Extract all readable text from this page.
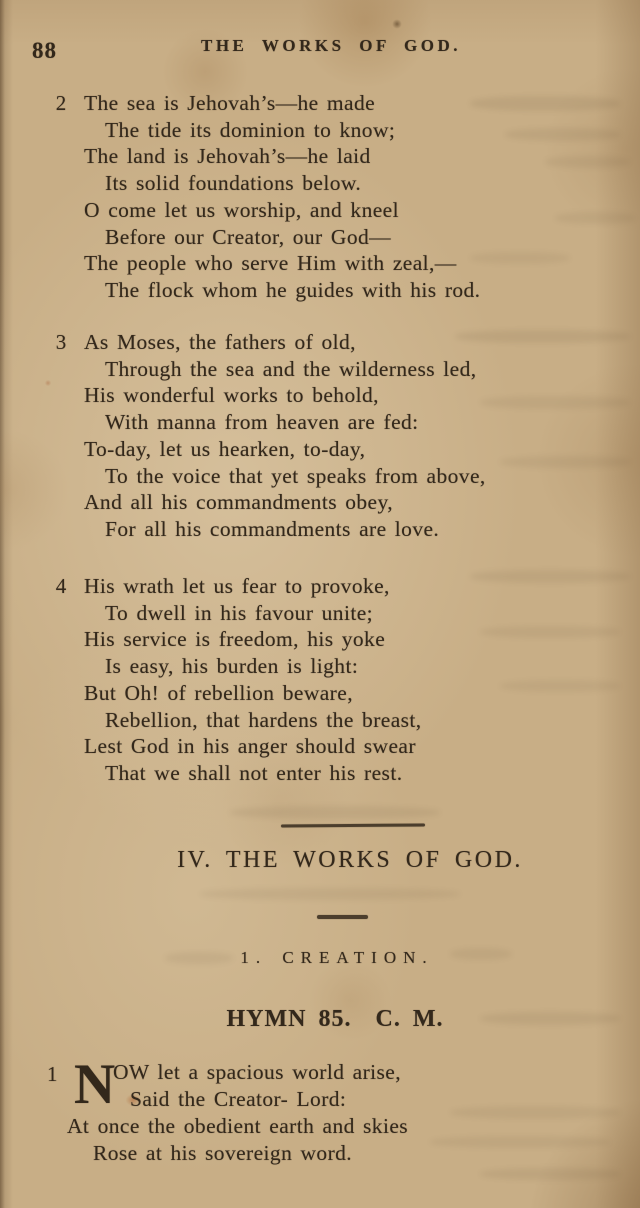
88	THE WORKS OF GOD.
2 The sea is Jehovah’s—he made
The tide its dominion to know;
The land is Jehovah’s—he laid
Its solid foundations below.
O come let us worship, and kneel
Before our Creator, our God—
The people who serve Him with zeal,—
The flock whom he guides with his rod.
3 As Moses, the fathers of old,
Through the sea and the wilderness led,
His wonderful works to behold,
With manna from heaven are fed:
To-day, let us hearken, to-day,
To the voice that yet speaks from above,
And all his commandments obey,
For all his commandments are love.
4 His wrath let us fear to provoke,
To dwell in his favour unite;
His service is freedom, his yoke
Is easy, his burden is light:
But Oh! of rebellion beware,
Rebellion, that hardens the breast,
Lest God in his anger should swear
That we shall not enter his rest.
IV. THE WORKS OF GOD.
1. CREATION.
HYMN 85.  C. M.
1 N
OW let a spacious world arise,
Said the Creator- Lord:
At once the obedient earth and skies
Rose at his sovereign word.
